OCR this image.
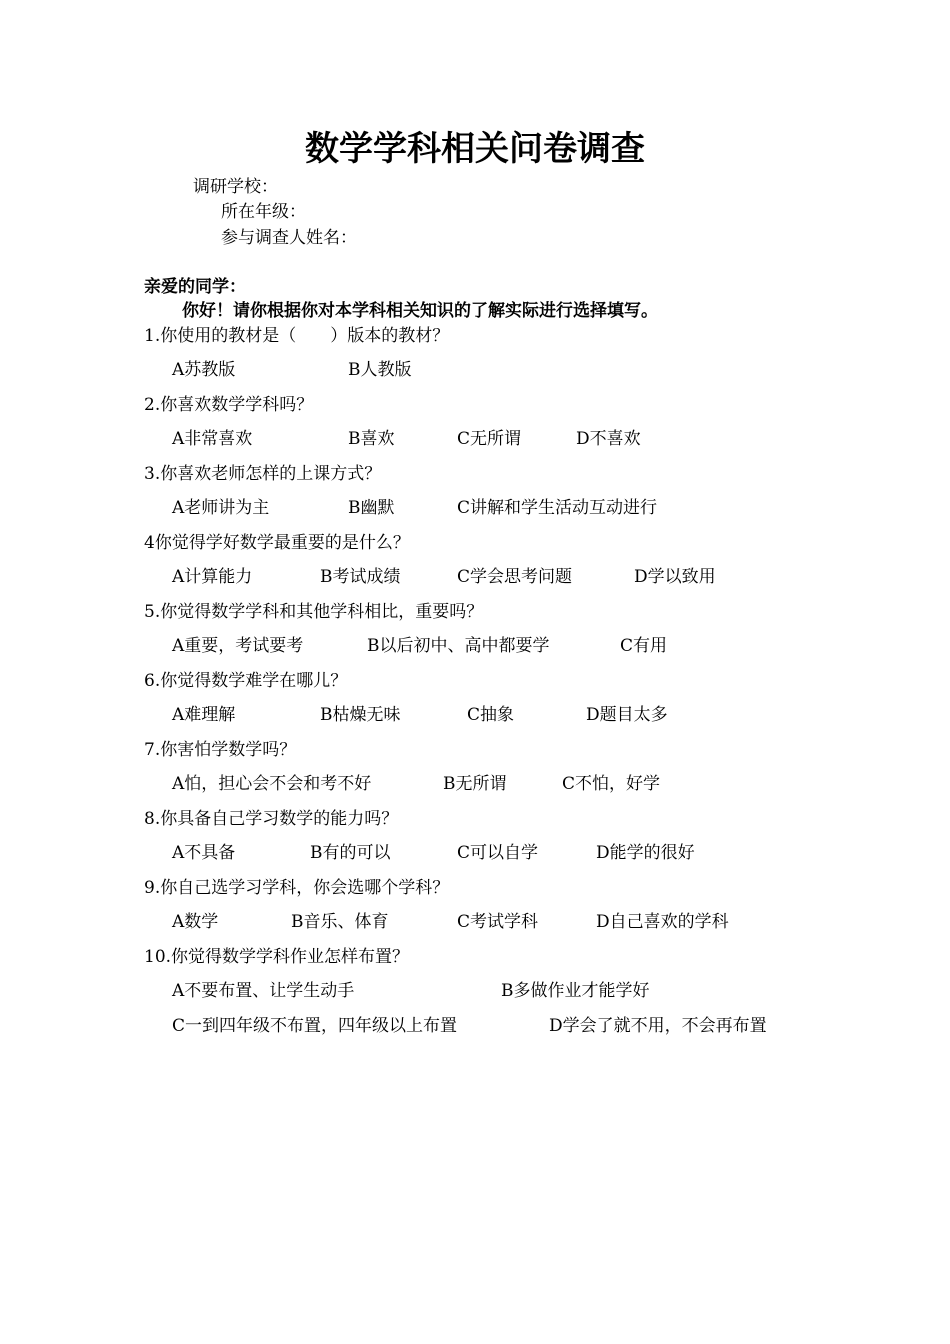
数学学科相关问卷调查
调研学校：
所在年级：
参与调查人姓名：
亲爱的同学：
你好！请你根据你对本学科相关知识的了解实际进行选择填写。
1.你使用的教材是（　　）版本的教材？
A苏教版	B人教版
2.你喜欢数学学科吗？
A非常喜欢	B喜欢	C无所谓	D不喜欢
3.你喜欢老师怎样的上课方式？
A老师讲为主	B幽默	C讲解和学生活动互动进行
4你觉得学好数学最重要的是什么？
A计算能力	B考试成绩	C学会思考问题	D学以致用
5.你觉得数学学科和其他学科相比，重要吗？
A重要，考试要考	B以后初中、高中都要学	C有用
6.你觉得数学难学在哪儿？
A难理解	B枯燥无味	C抽象	D题目太多
7.你害怕学数学吗？
A怕，担心会不会和考不好	B无所谓	C不怕，好学
8.你具备自己学习数学的能力吗？
A不具备	B有的可以	C可以自学	D能学的很好
9.你自己选学习学科，你会选哪个学科？
A数学	B音乐、体育	C考试学科	D自己喜欢的学科
10.你觉得数学学科作业怎样布置？
A不要布置、让学生动手	B多做作业才能学好
C一到四年级不布置，四年级以上布置	D学会了就不用，不会再布置
